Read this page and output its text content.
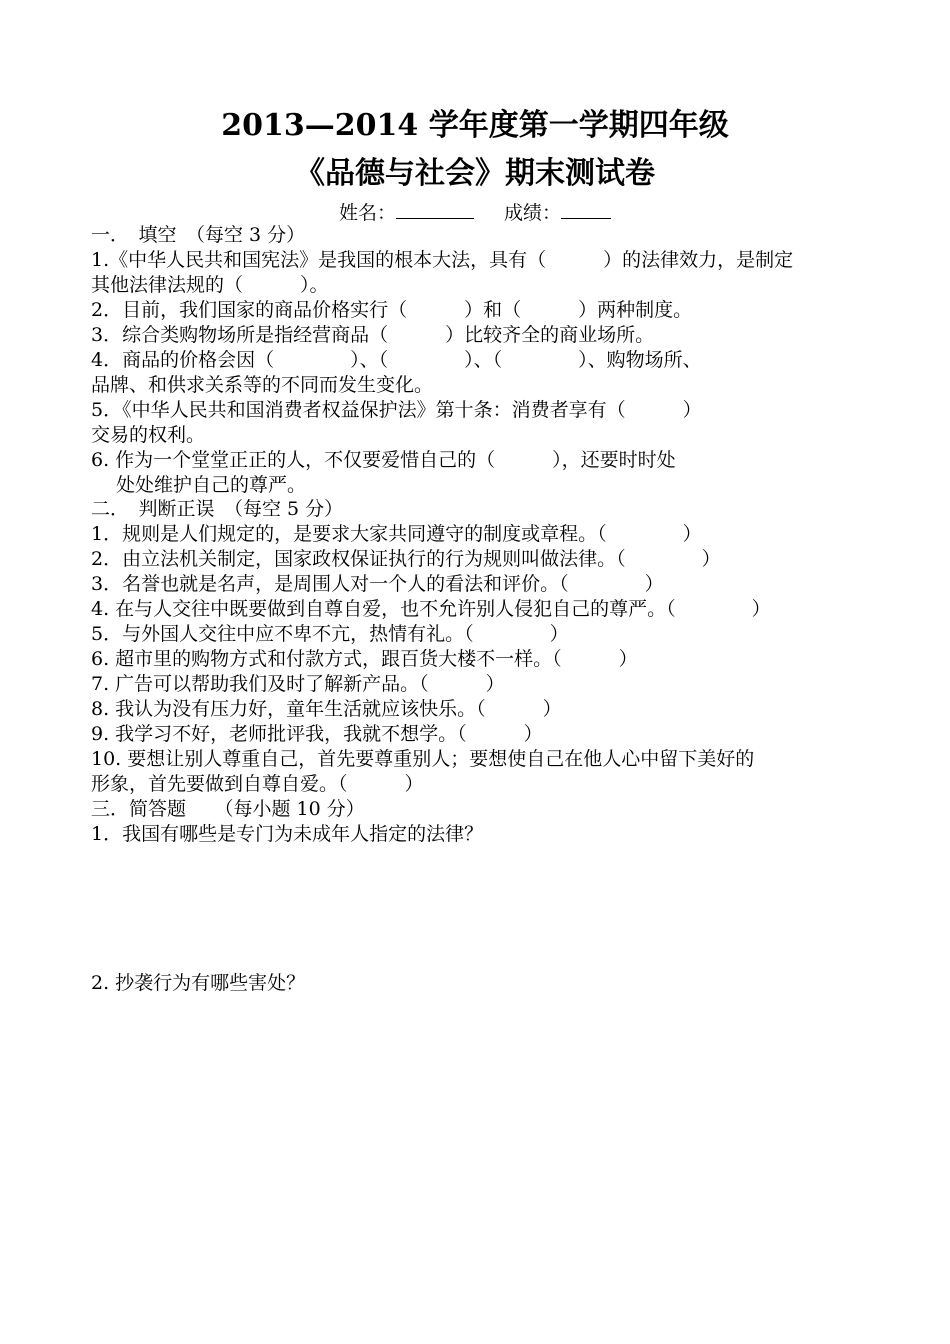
2013—2014 学年度第一学期四年级
《品德与社会》期末测试卷
姓名：	成绩：
一．　填空　（每空 3 分）
1.《中华人民共和国宪法》是我国的根本大法，具有（　　　）的法律效力，是制定
其他法律法规的（　　　）。
2．目前，我们国家的商品价格实行（　　　）和（　　　）两种制度。
3．综合类购物场所是指经营商品（　　　）比较齐全的商业场所。
4．商品的价格会因（　　　　）、（　　　　）、（　　　　）、购物场所、
品牌、和供求关系等的不同而发生变化。
5．《中华人民共和国消费者权益保护法》第十条：消费者享有（　　　）
交易的权利。
6. 作为一个堂堂正正的人，不仅要爱惜自己的（　　　），还要时时处
处处维护自己的尊严。
二．　判断正误　（每空 5 分）
1．规则是人们规定的，是要求大家共同遵守的制度或章程。（　　　　）
2．由立法机关制定，国家政权保证执行的行为规则叫做法律。（　　　　）
3．名誉也就是名声，是周围人对一个人的看法和评价。（　　　　）
4. 在与人交往中既要做到自尊自爱，也不允许别人侵犯自己的尊严。（　　　　）
5．与外国人交往中应不卑不亢，热情有礼。（　　　　）
6. 超市里的购物方式和付款方式，跟百货大楼不一样。（　　　）
7. 广告可以帮助我们及时了解新产品。（　　　）
8. 我认为没有压力好，童年生活就应该快乐。（　　　）
9. 我学习不好，老师批评我，我就不想学。（　　　）
10. 要想让别人尊重自己，首先要尊重别人；要想使自己在他人心中留下美好的
形象，首先要做到自尊自爱。（　　　）
三．简答题　　（每小题 10 分）
1．我国有哪些是专门为未成年人指定的法律？
2. 抄袭行为有哪些害处？
